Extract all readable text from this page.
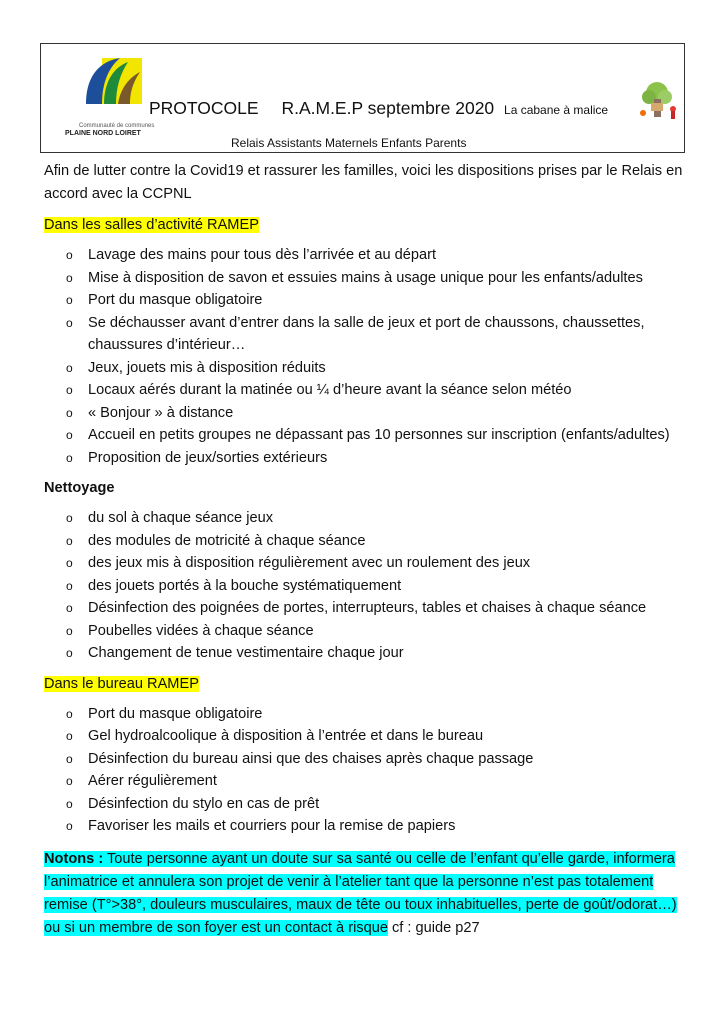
Communauté de communes
PLAINE NORD LOIRET
PROTOCOLE R.A.M.E.P septembre 2020 La cabane à malice
Relais Assistants Maternels Enfants Parents

Afin de lutter contre la Covid19 et rassurer les familles, voici les dispositions prises par le Relais en accord avec la CCPNL

Dans les salles d’activité RAMEP
o Lavage des mains pour tous dès l’arrivée et au départ
o Mise à disposition de savon et essuies mains à usage unique pour les enfants/adultes
o Port du masque obligatoire
o Se déchausser avant d’entrer dans la salle de jeux et port de chaussons, chaussettes, chaussures d’intérieur…
o Jeux, jouets mis à disposition réduits
o Locaux aérés durant la matinée ou ¼ d’heure avant la séance selon météo
o « Bonjour » à distance
o Accueil en petits groupes ne dépassant pas 10 personnes sur inscription (enfants/adultes)
o Proposition de jeux/sorties extérieurs
Nettoyage
o du sol à chaque séance jeux
o des modules de motricité à chaque séance
o des jeux mis à disposition régulièrement avec un roulement des jeux
o des jouets portés à la bouche systématiquement
o Désinfection des poignées de portes, interrupteurs, tables et chaises à chaque séance
o Poubelles vidées à chaque séance
o Changement de tenue vestimentaire chaque jour
Dans le bureau RAMEP
o Port du masque obligatoire
o Gel hydroalcoolique à disposition à l’entrée et dans le bureau
o Désinfection du bureau ainsi que des chaises après chaque passage
o Aérer régulièrement
o Désinfection du stylo en cas de prêt
o Favoriser les mails et courriers pour la remise de papiers

Notons : Toute personne ayant un doute sur sa santé ou celle de l’enfant qu’elle garde, informera l’animatrice et annulera son projet de venir à l’atelier tant que la personne n’est pas totalement remise (T°>38°, douleurs musculaires, maux de tête ou toux inhabituelles, perte de goût/odorat…) ou si un membre de son foyer est un contact à risque cf : guide p27
